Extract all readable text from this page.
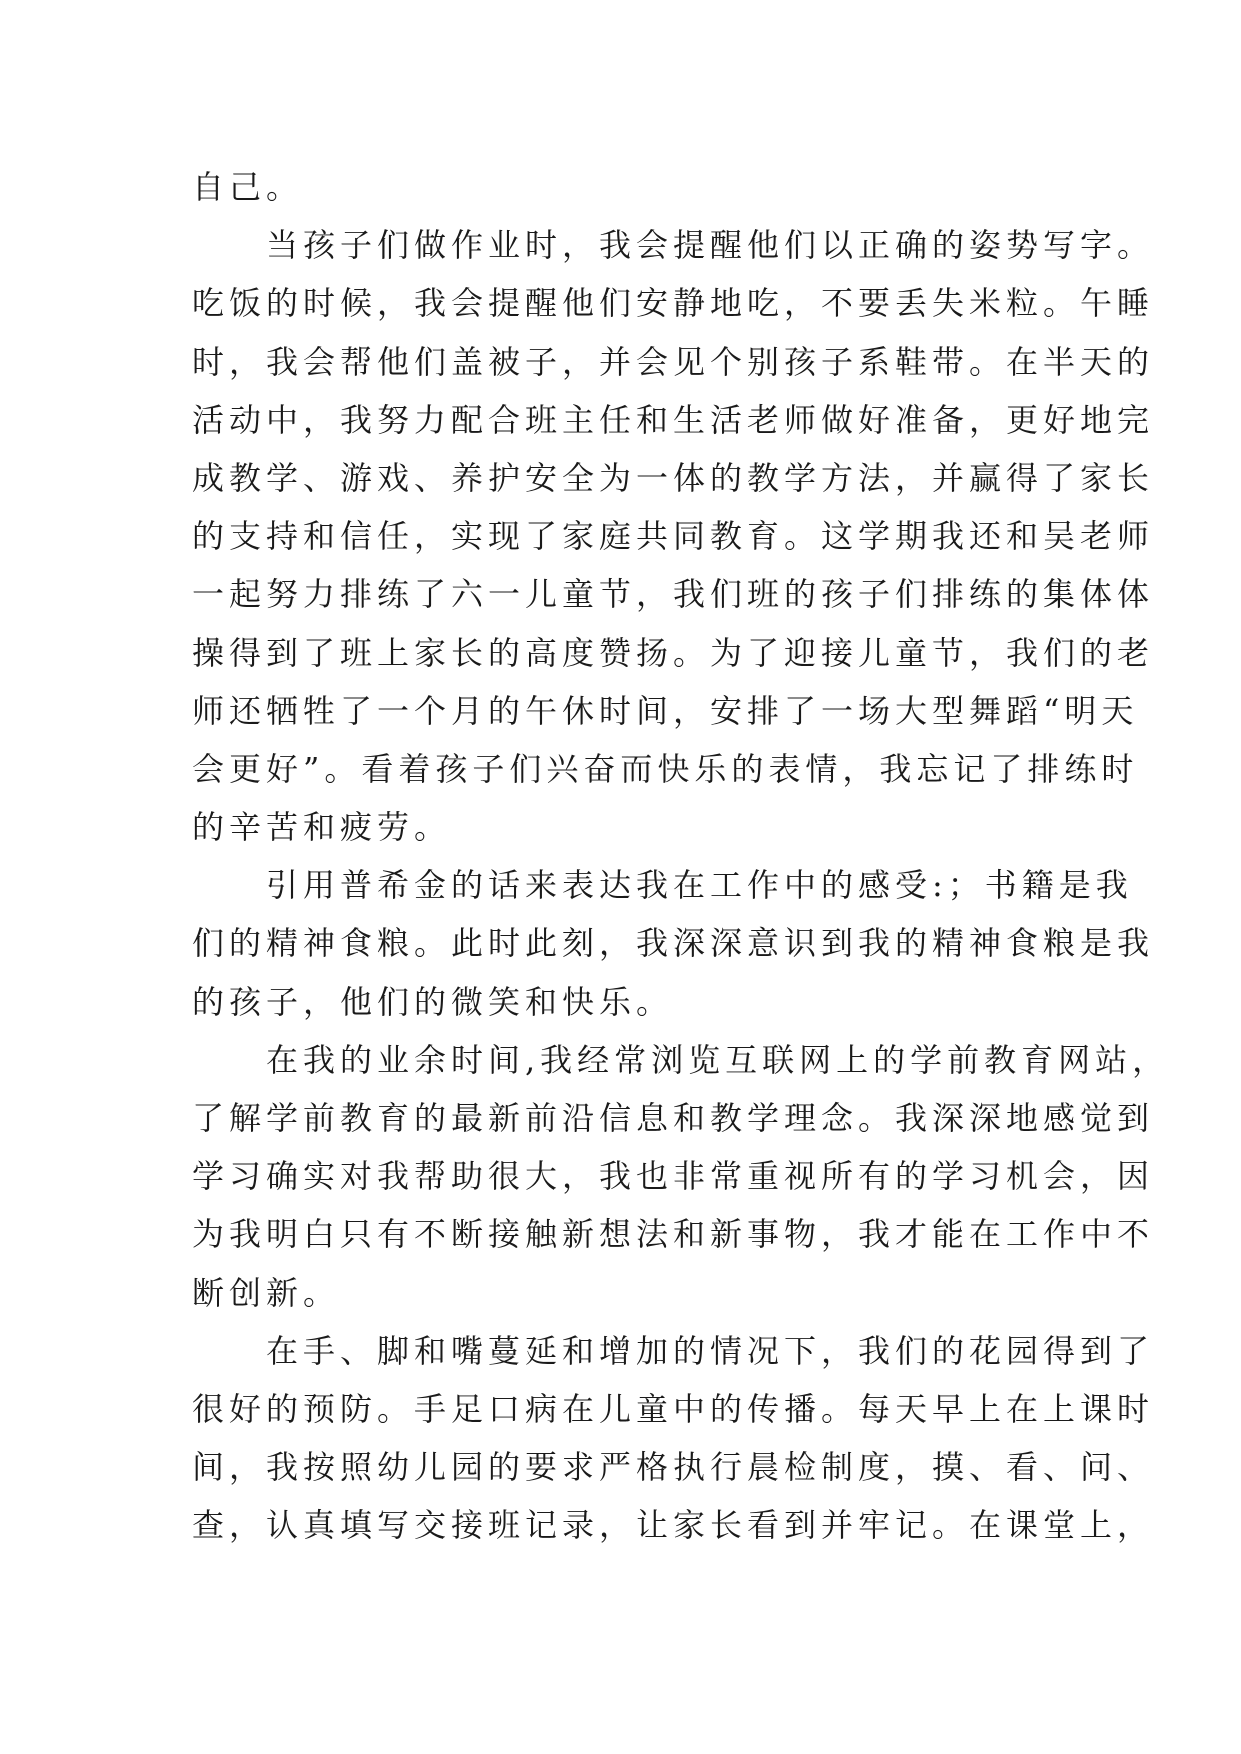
自己。
　　当孩子们做作业时，我会提醒他们以正确的姿势写字。
吃饭的时候，我会提醒他们安静地吃，不要丢失米粒。午睡
时，我会帮他们盖被子，并会见个别孩子系鞋带。在半天的
活动中，我努力配合班主任和生活老师做好准备，更好地完
成教学、游戏、养护安全为一体的教学方法，并赢得了家长
的支持和信任，实现了家庭共同教育。这学期我还和吴老师
一起努力排练了六一儿童节，我们班的孩子们排练的集体体
操得到了班上家长的高度赞扬。为了迎接儿童节，我们的老
师还牺牲了一个月的午休时间，安排了一场大型舞蹈“明天
会更好”。看着孩子们兴奋而快乐的表情，我忘记了排练时
的辛苦和疲劳。
　　引用普希金的话来表达我在工作中的感受:；书籍是我
们的精神食粮。此时此刻，我深深意识到我的精神食粮是我
的孩子，他们的微笑和快乐。
　　在我的业余时间,我经常浏览互联网上的学前教育网站，
了解学前教育的最新前沿信息和教学理念。我深深地感觉到
学习确实对我帮助很大，我也非常重视所有的学习机会，因
为我明白只有不断接触新想法和新事物，我才能在工作中不
断创新。
　　在手、脚和嘴蔓延和增加的情况下，我们的花园得到了
很好的预防。手足口病在儿童中的传播。每天早上在上课时
间，我按照幼儿园的要求严格执行晨检制度，摸、看、问、
查，认真填写交接班记录，让家长看到并牢记。在课堂上，
